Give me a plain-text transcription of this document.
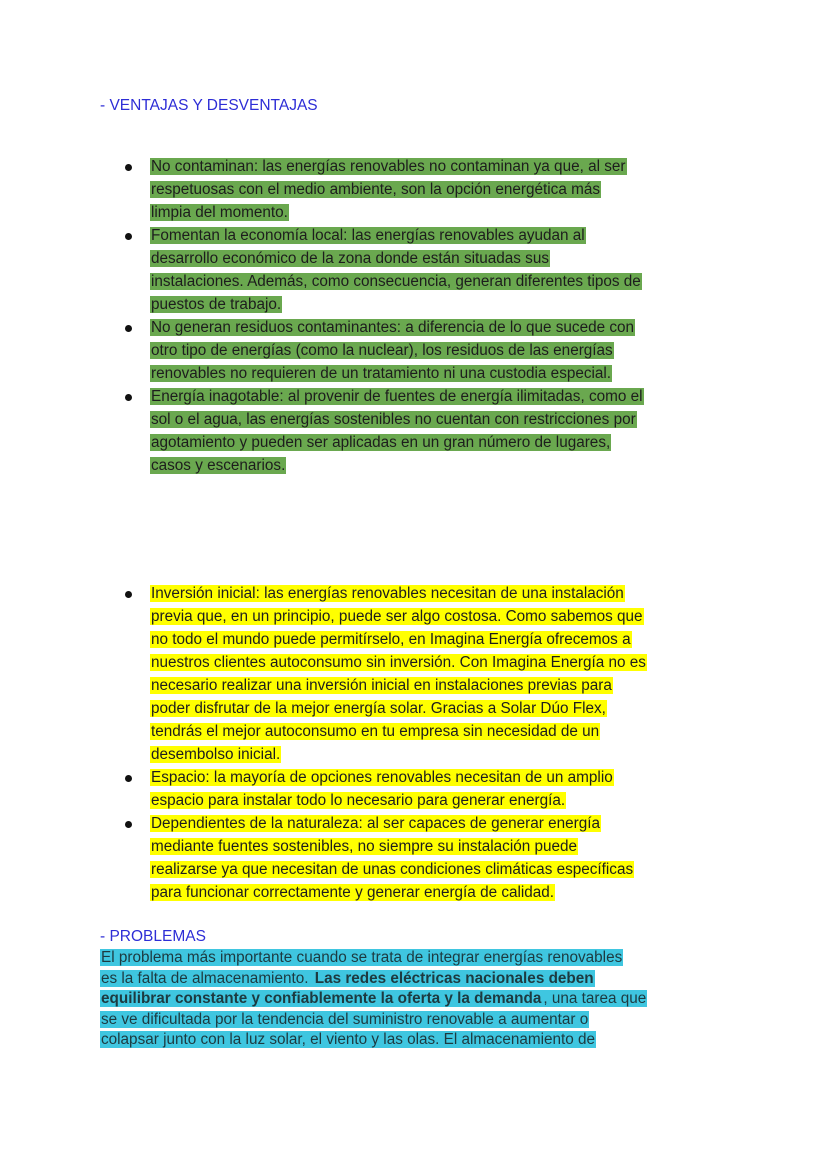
- VENTAJAS Y DESVENTAJAS
No contaminan: las energías renovables no contaminan ya que, al ser
respetuosas con el medio ambiente, son la opción energética más
limpia del momento.
Fomentan la economía local: las energías renovables ayudan al
desarrollo económico de la zona donde están situadas sus
instalaciones. Además, como consecuencia, generan diferentes tipos de
puestos de trabajo.
No generan residuos contaminantes: a diferencia de lo que sucede con
otro tipo de energías (como la nuclear), los residuos de las energías
renovables no requieren de un tratamiento ni una custodia especial.
Energía inagotable: al provenir de fuentes de energía ilimitadas, como el
sol o el agua, las energías sostenibles no cuentan con restricciones por
agotamiento y pueden ser aplicadas en un gran número de lugares,
casos y escenarios.
Inversión inicial: las energías renovables necesitan de una instalación
previa que, en un principio, puede ser algo costosa. Como sabemos que
no todo el mundo puede permitírselo, en Imagina Energía ofrecemos a
nuestros clientes autoconsumo sin inversión. Con Imagina Energía no es
necesario realizar una inversión inicial en instalaciones previas para
poder disfrutar de la mejor energía solar. Gracias a Solar Dúo Flex,
tendrás el mejor autoconsumo en tu empresa sin necesidad de un
desembolso inicial.
Espacio: la mayoría de opciones renovables necesitan de un amplio
espacio para instalar todo lo necesario para generar energía.
Dependientes de la naturaleza: al ser capaces de generar energía
mediante fuentes sostenibles, no siempre su instalación puede
realizarse ya que necesitan de unas condiciones climáticas específicas
para funcionar correctamente y generar energía de calidad.
- PROBLEMAS
El problema más importante cuando se trata de integrar energías renovables
es la falta de almacenamiento. Las redes eléctricas nacionales deben
equilibrar constante y confiablemente la oferta y la demanda , una tarea que
se ve dificultada por la tendencia del suministro renovable a aumentar o
colapsar junto con la luz solar, el viento y las olas. El almacenamiento de
